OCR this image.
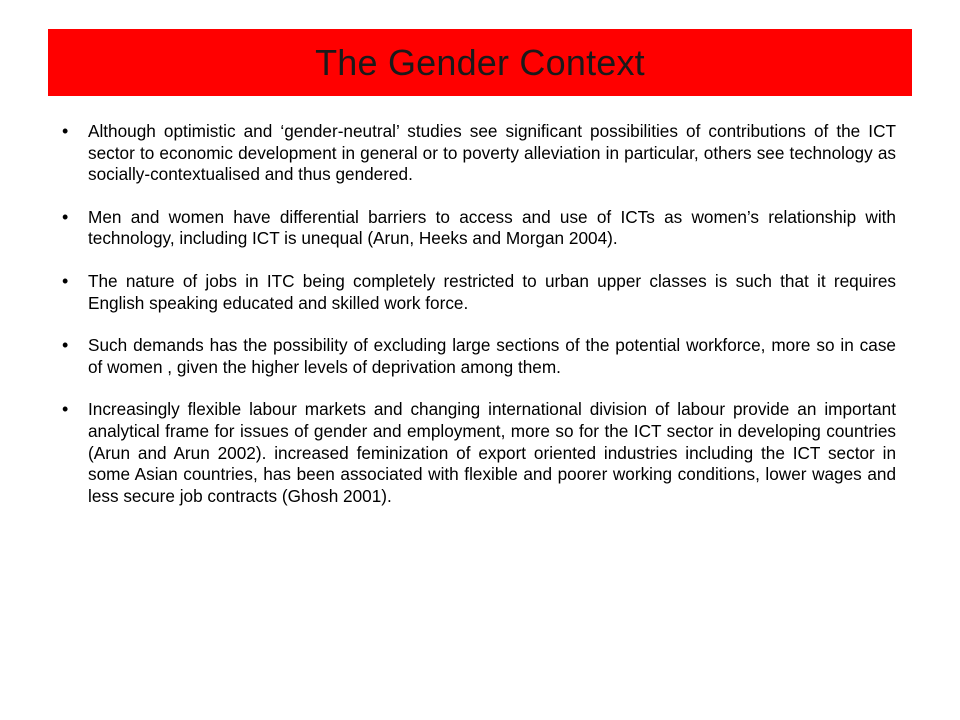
The Gender Context
• Although optimistic and ‘gender-neutral’ studies see significant possibilities of contributions of the ICT sector to economic development in general or to poverty alleviation in particular, others see technology as socially-contextualised and thus gendered.
• Men and women have differential barriers to access and use of ICTs as women’s relationship with technology, including ICT is unequal (Arun, Heeks and Morgan 2004).
• The nature of jobs in ITC being completely restricted to urban upper classes is such that it requires English speaking educated and skilled work force.
• Such demands has the possibility of excluding large sections of the potential workforce, more so in case of women , given the higher levels of deprivation among them.
• Increasingly flexible labour markets and changing international division of labour provide an important analytical frame for issues of gender and employment, more so for the ICT sector in developing countries (Arun and Arun 2002). increased feminization of export oriented industries including the ICT sector in some Asian countries, has been associated with flexible and poorer working conditions, lower wages and less secure job contracts (Ghosh 2001).
